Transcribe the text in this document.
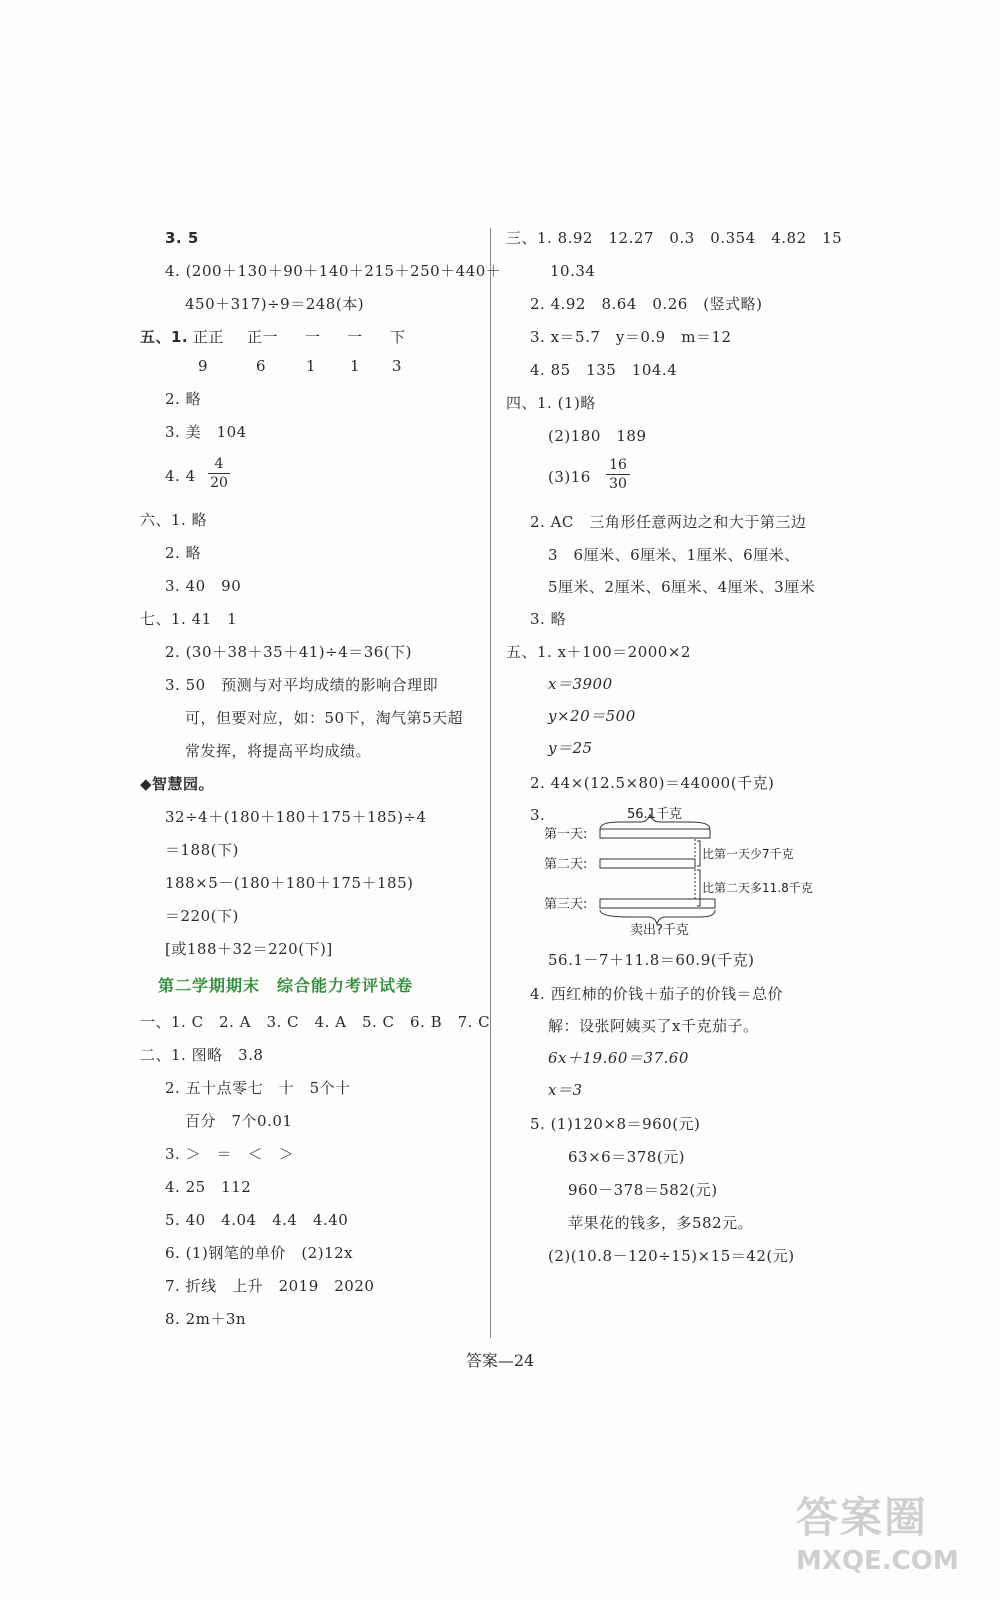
3. 5
4. (200＋130＋90＋140＋215＋250＋440＋
450＋317)÷9＝248(本)
五、1. 正正 正一 一 一 下
9	6	1 1 3
2. 略
3. 美　104
4. $4 \frac{4}{20}$
六、1. 略
2. 略
3. 40　90
七、1. 41　1
2. (30＋38＋35＋41)÷4＝36(下)
3. 50　预测与对平均成绩的影响合理即
可，但要对应，如：50下，淘气第5天超
常发挥，将提高平均成绩。
◆智慧园。
32÷4＋(180＋180＋175＋185)÷4
＝188(下)
188×5－(180＋180＋175＋185)
＝220(下)
[或188＋32＝220(下)]
第二学期期末　综合能力考评试卷
一、1. C　2. A　3. C　4. A　5. C　6. B　7. C
二、1. 图略　3.8
2. 五十点零七　十　5个十
百分　7个0.01
3. ＞　＝　＜　＞
4. 25　112
5. 40　4.04　4.4　4.40
6. (1)钢笔的单价　(2)12x
7. 折线　上升　2019　2020
8. 2m＋3n
三、1. 8.92　12.27　0.3　0.354　4.82　15
10.34
2. 4.92　8.64　0.26　(竖式略)
3. x＝5.7　y＝0.9　m＝12
4. 85　135　104.4
四、1. (1)略
(2)180　189
$(3)16 \frac{16}{30}$
2. AC　三角形任意两边之和大于第三边
3　6厘米、6厘米、1厘米、6厘米、
5厘米、2厘米、6厘米、4厘米、3厘米
3. 略
五、1. x＋100＝2000×2
x＝3900
y×20＝500
y＝25
2. 44×(12.5×80)＝44000(千克)
3.	56.1千克
第一天:
第二天:
比第一天少7千克
第三天:
比第二天多11.8千克
卖出?千克
56.1－7＋11.8＝60.9(千克)
4. 西红柿的价钱＋茄子的价钱＝总价
解：设张阿姨买了x千克茄子。
6x＋19.60＝37.60
x＝3
5. (1)120×8＝960(元)
63×6＝378(元)
960－378＝582(元)
苹果花的钱多，多582元。
(2)(10.8－120÷15)×15＝42(元)
答案—24
答案圈
MXQE.COM
